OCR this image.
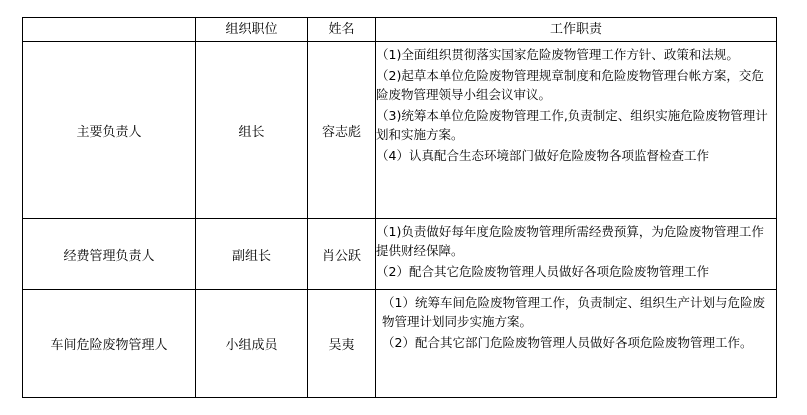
	组织职位	姓名	工作职责
主要负责人	组长	容志彪	（1)全面组织贯彻落实国家危险废物管理工作方针、政策和法规。

（2)起草本单位危险废物管理规章制度和危险废物管理台帐方案，交危险废物管理领导小组会议审议。

（3)统筹本单位危险废物管理工作,负责制定、组织实施危险废物管理计划和实施方案。

（4）认真配合生态环境部门做好危险废物各项监督检查工作

经费管理负责人	副组长	肖公跃	（1)负责做好每年度危险废物管理所需经费预算，为危险废物管理工作提供财经保障。

（2）配合其它危险废物管理人员做好各项危险废物管理工作

车间危险废物管理人	小组成员	吴夷	（1）统筹车间危险废物管理工作，负责制定、组织生产计划与危险废物管理计划同步实施方案。

（2）配合其它部门危险废物管理人员做好各项危险废物管理工作。
